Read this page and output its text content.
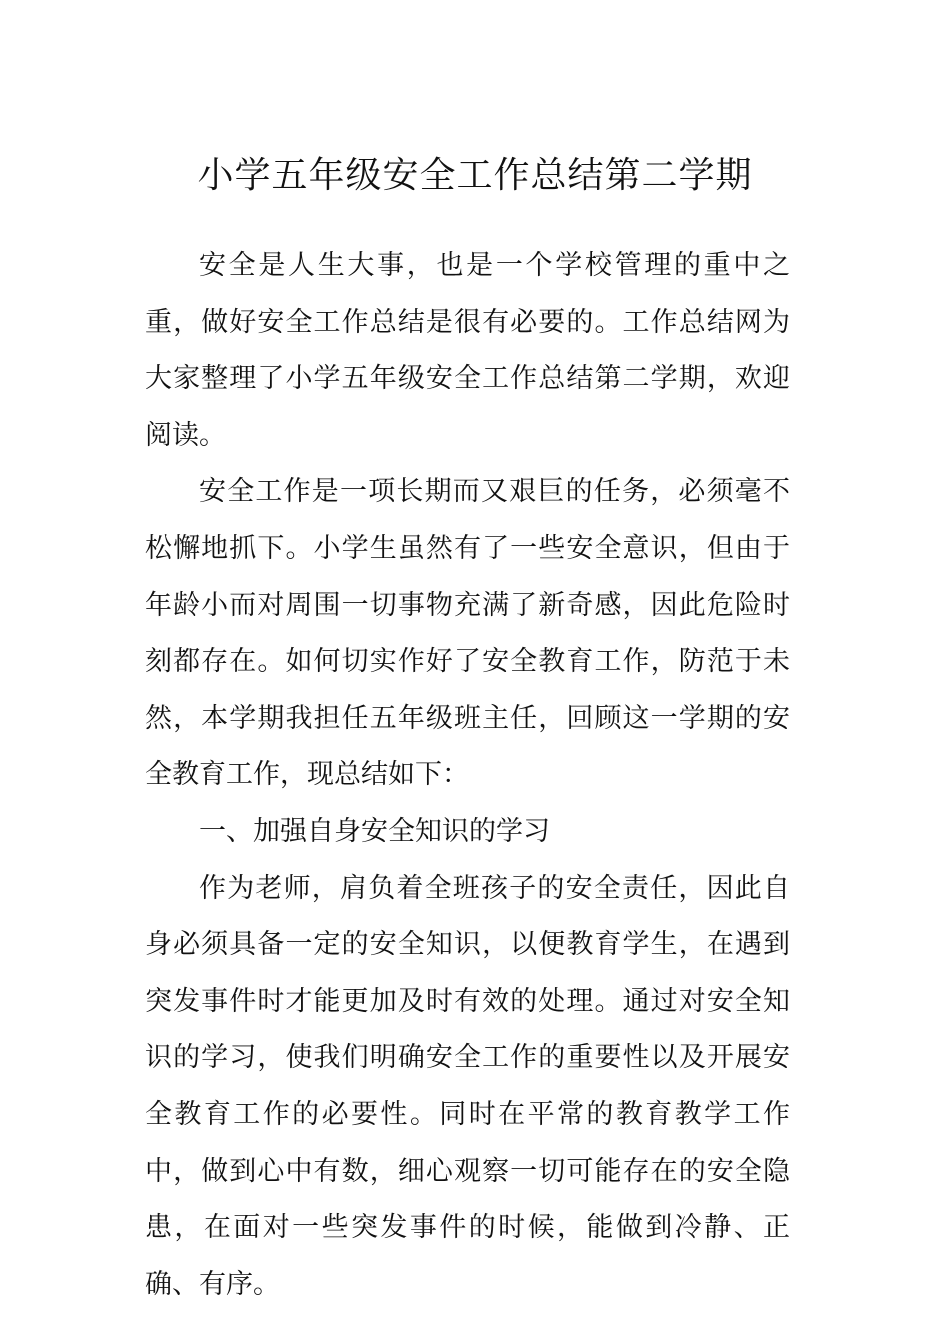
小学五年级安全工作总结第二学期

安全是人生大事，也是一个学校管理的重中之重，做好安全工作总结是很有必要的。工作总结网为大家整理了小学五年级安全工作总结第二学期，欢迎阅读。

安全工作是一项长期而又艰巨的任务，必须毫不松懈地抓下。小学生虽然有了一些安全意识，但由于年龄小而对周围一切事物充满了新奇感，因此危险时刻都存在。如何切实作好了安全教育工作，防范于未然，本学期我担任五年级班主任，回顾这一学期的安全教育工作，现总结如下：

一、加强自身安全知识的学习

作为老师，肩负着全班孩子的安全责任，因此自身必须具备一定的安全知识，以便教育学生，在遇到突发事件时才能更加及时有效的处理。通过对安全知识的学习，使我们明确安全工作的重要性以及开展安全教育工作的必要性。同时在平常的教育教学工作中，做到心中有数，细心观察一切可能存在的安全隐患，在面对一些突发事件的时候，能做到冷静、正确、有序。
